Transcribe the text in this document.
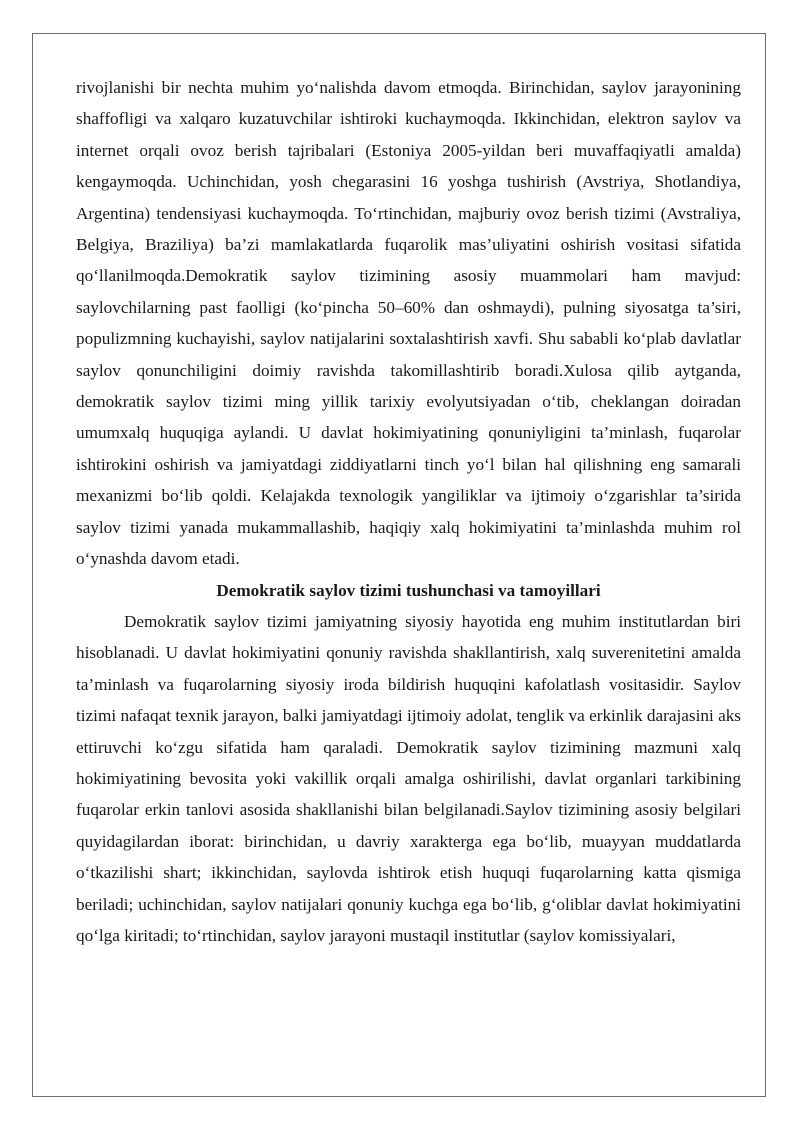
rivojlanishi bir nechta muhim yo‘nalishda davom etmoqda. Birinchidan, saylov jarayonining shaffofligi va xalqaro kuzatuvchilar ishtiroki kuchaymoqda. Ikkinchidan, elektron saylov va internet orqali ovoz berish tajribalari (Estoniya 2005-yildan beri muvaffaqiyatli amalda) kengaymoqda. Uchinchidan, yosh chegarasini 16 yoshga tushirish (Avstriya, Shotlandiya, Argentina) tendensiyasi kuchaymoqda. To‘rtinchidan, majburiy ovoz berish tizimi (Avstraliya, Belgiya, Braziliya) ba’zi mamlakatlarda fuqarolik mas’uliyatini oshirish vositasi sifatida qo‘llanilmoqda.Demokratik saylov tizimining asosiy muammolari ham mavjud: saylovchilarning past faolligi (ko‘pincha 50–60% dan oshmaydi), pulning siyosatga ta’siri, populizmning kuchayishi, saylov natijalarini soxtalashtirish xavfi. Shu sababli ko‘plab davlatlar saylov qonunchiligini doimiy ravishda takomillashtirib boradi.Xulosa qilib aytganda, demokratik saylov tizimi ming yillik tarixiy evolyutsiyadan o‘tib, cheklangan doiradan umumxalq huquqiga aylandi. U davlat hokimiyatining qonuniyligini ta’minlash, fuqarolar ishtirokini oshirish va jamiyatdagi ziddiyatlarni tinch yo‘l bilan hal qilishning eng samarali mexanizmi bo‘lib qoldi. Kelajakda texnologik yangiliklar va ijtimoiy o‘zgarishlar ta’sirida saylov tizimi yanada mukammallashib, haqiqiy xalq hokimiyatini ta’minlashda muhim rol o‘ynashda davom etadi.

Demokratik saylov tizimi tushunchasi va tamoyillari

Demokratik saylov tizimi jamiyatning siyosiy hayotida eng muhim institutlardan biri hisoblanadi. U davlat hokimiyatini qonuniy ravishda shakllantirish, xalq suverenitetini amalda ta’minlash va fuqarolarning siyosiy iroda bildirish huquqini kafolatlash vositasidir. Saylov tizimi nafaqat texnik jarayon, balki jamiyatdagi ijtimoiy adolat, tenglik va erkinlik darajasini aks ettiruvchi ko‘zgu sifatida ham qaraladi. Demokratik saylov tizimining mazmuni xalq hokimiyatining bevosita yoki vakillik orqali amalga oshirilishi, davlat organlari tarkibining fuqarolar erkin tanlovi asosida shakllanishi bilan belgilanadi.Saylov tizimining asosiy belgilari quyidagilardan iborat: birinchidan, u davriy xarakterga ega bo‘lib, muayyan muddatlarda o‘tkazilishi shart; ikkinchidan, saylovda ishtirok etish huquqi fuqarolarning katta qismiga beriladi; uchinchidan, saylov natijalari qonuniy kuchga ega bo‘lib, g‘oliblar davlat hokimiyatini qo‘lga kiritadi; to‘rtinchidan, saylov jarayoni mustaqil institutlar (saylov komissiyalari,
